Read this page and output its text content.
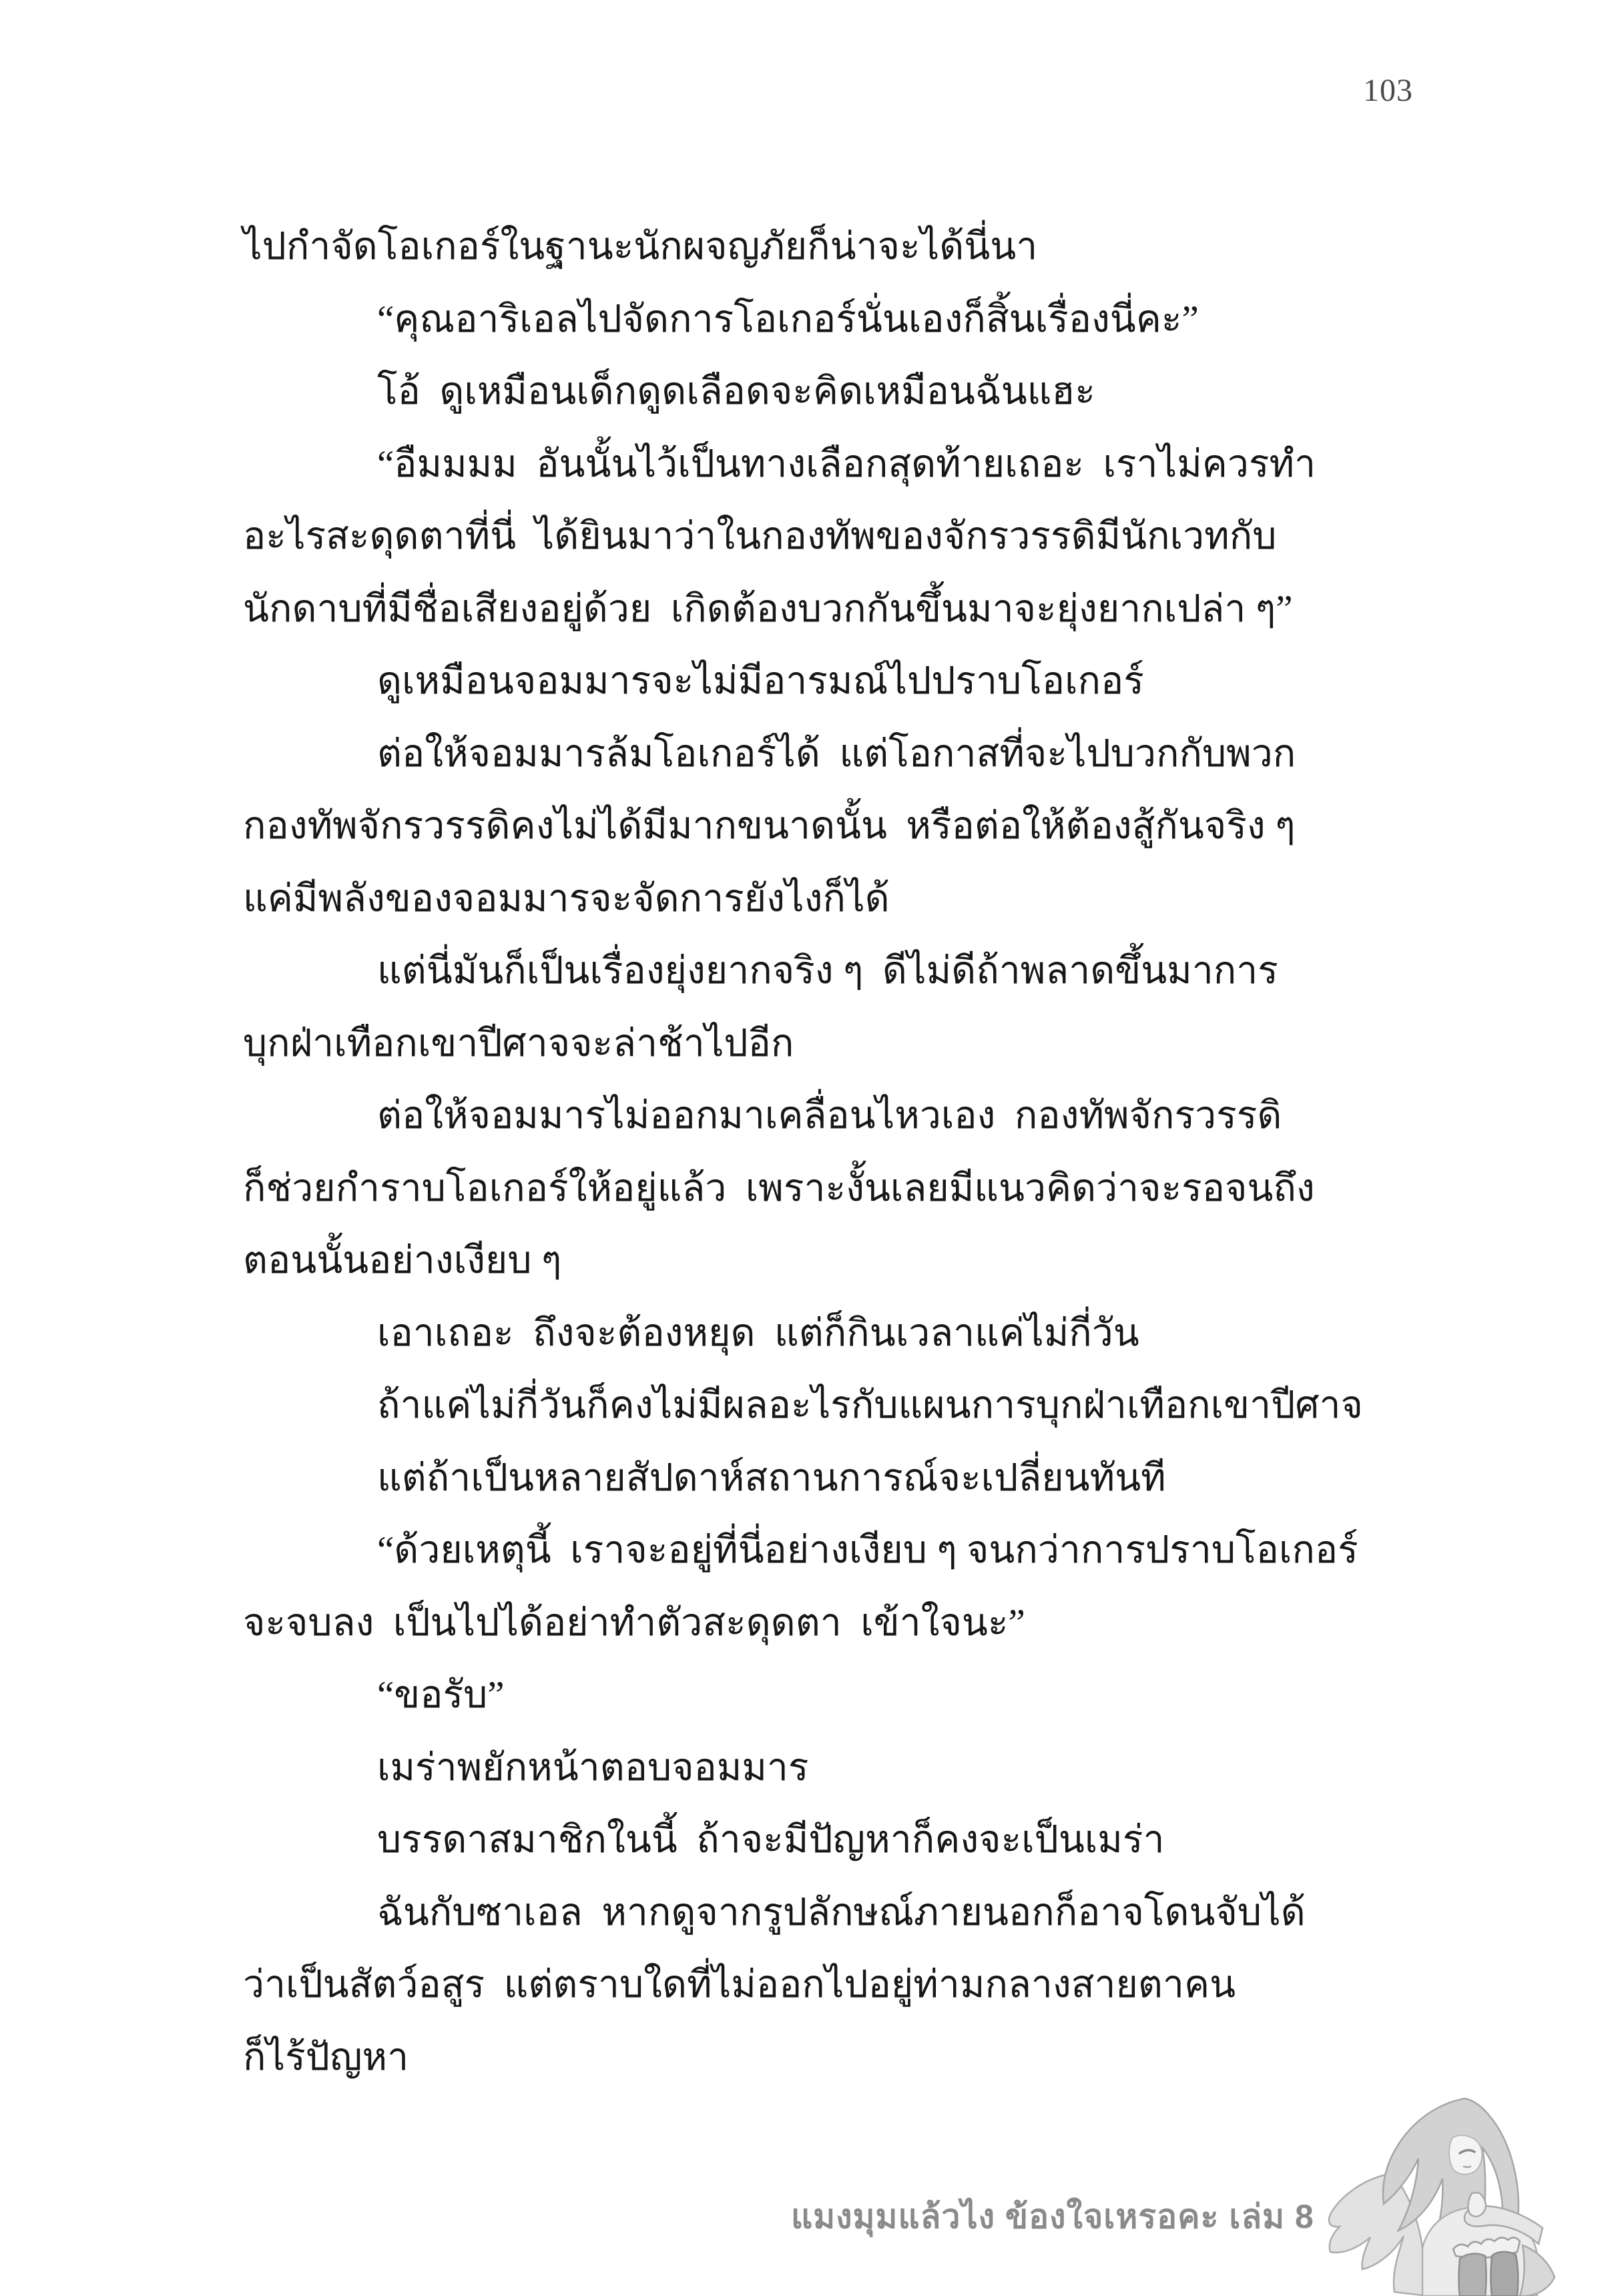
103
ไปกำจัดโอเกอร์ในฐานะนักผจญภัยก็น่าจะได้นี่นา
“คุณอาริเอลไปจัดการโอเกอร์นั่นเองก็สิ้นเรื่องนี่คะ”
โอ้  ดูเหมือนเด็กดูดเลือดจะคิดเหมือนฉันแฮะ
“อืมมมม  อันนั้นไว้เป็นทางเลือกสุดท้ายเถอะ  เราไม่ควรทำ
อะไรสะดุดตาที่นี่  ได้ยินมาว่าในกองทัพของจักรวรรดิมีนักเวทกับ
นักดาบที่มีชื่อเสียงอยู่ด้วย  เกิดต้องบวกกันขึ้นมาจะยุ่งยากเปล่า ๆ”
ดูเหมือนจอมมารจะไม่มีอารมณ์ไปปราบโอเกอร์
ต่อให้จอมมารล้มโอเกอร์ได้  แต่โอกาสที่จะไปบวกกับพวก
กองทัพจักรวรรดิคงไม่ได้มีมากขนาดนั้น  หรือต่อให้ต้องสู้กันจริง ๆ
แค่มีพลังของจอมมารจะจัดการยังไงก็ได้
แต่นี่มันก็เป็นเรื่องยุ่งยากจริง ๆ  ดีไม่ดีถ้าพลาดขึ้นมาการ
บุกฝ่าเทือกเขาปีศาจจะล่าช้าไปอีก
ต่อให้จอมมารไม่ออกมาเคลื่อนไหวเอง  กองทัพจักรวรรดิ
ก็ช่วยกำราบโอเกอร์ให้อยู่แล้ว  เพราะงั้นเลยมีแนวคิดว่าจะรอจนถึง
ตอนนั้นอย่างเงียบ ๆ
เอาเถอะ  ถึงจะต้องหยุด  แต่ก็กินเวลาแค่ไม่กี่วัน
ถ้าแค่ไม่กี่วันก็คงไม่มีผลอะไรกับแผนการบุกฝ่าเทือกเขาปีศาจ
แต่ถ้าเป็นหลายสัปดาห์สถานการณ์จะเปลี่ยนทันที
“ด้วยเหตุนี้  เราจะอยู่ที่นี่อย่างเงียบ ๆ จนกว่าการปราบโอเกอร์
จะจบลง  เป็นไปได้อย่าทำตัวสะดุดตา  เข้าใจนะ”
“ขอรับ”
เมร่าพยักหน้าตอบจอมมาร
บรรดาสมาชิกในนี้  ถ้าจะมีปัญหาก็คงจะเป็นเมร่า
ฉันกับซาเอล  หากดูจากรูปลักษณ์ภายนอกก็อาจโดนจับได้
ว่าเป็นสัตว์อสูร  แต่ตราบใดที่ไม่ออกไปอยู่ท่ามกลางสายตาคน
ก็ไร้ปัญหา
แมงมุมแล้วไง ข้องใจเหรอคะ เล่ม 8
